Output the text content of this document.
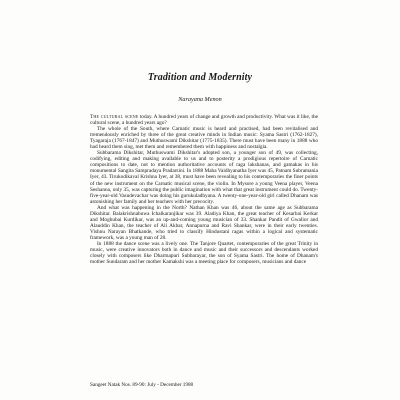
Tradition and Modernity
Narayana Menon

The cultural scene today. A hundred years of change and growth and productivity. What was it like, the cultural scene, a hundred years ago?

The whole of the South, where Carnatic music is heard and practised, had been revitalised and tremendously enriched by three of the great creative minds in Indian music: Syama Sastri (1762-1827), Tyagaraja (1767-1847) and Muthuswami Dikshitar (1775-1835). There must have been many in 1888 who had heard them sing, met them and remembered them with happiness and nostalgia.

Subbarama Dikshitar, Muthuswami Dikshitar's adopted son, a younger son of 49, was collecting, codifying, editing and making available to us and to posterity a prodigious repertoire of Carnatic compositions to date, not to mention authoritative accounts of raga lakshanas, and gamakas in his monumental Sangita Sampradaya Pradarsini. In 1888 Maha Vaidhyanatha Iyer was 45, Patnam Subramania Iyer, 43. Tirukodikaval Krishna Iyer, at 38, must have been revealing to his contemporaries the finer points of the new instrument on the Carnatic musical scene, the violin. In Mysore a young Veena player, Veena Seshanna, only 35, was capturing the public imagination with what that great instrument could do. Twenty-five-year-old Vasudevachar was doing his gurukuladhyana. A twenty-one-year-old girl called Dhanam was astonishing her family and her teachers with her precocity.

And what was happening in the North? Nathan Khan was 46, about the same age as Subbarama Dikshitar. Balakrishnabuwa Ichalkaranjikar was 39. Aladiya Khan, the great teacher of Kesarbai Kerkar and Moghubai Kurdikar, was an up-and-coming young musician of 33. Shankar Pandit of Gwalior and Alauddin Khan, the teacher of Ali Akbar, Annapurna and Ravi Shankar, were in their early twenties. Vishnu Narayan Bhatkande, who tried to classify Hindustani ragas within a logical and systematic framework, was a young man of 28.

In 1888 the dance scene was a lively one. The Tanjore Quartet, contemporaries of the great Trinity in music, were creative innovators both in dance and music and their successors and descendants worked closely with composers like Dharmapuri Subbarayar, the son of Syama Sastri. The home of Dhanam's mother Sundaram and her mother Kamakshi was a meeting place for composers, musicians and dance

Sangeet Natak Nos. 89-90: July - December 1988
